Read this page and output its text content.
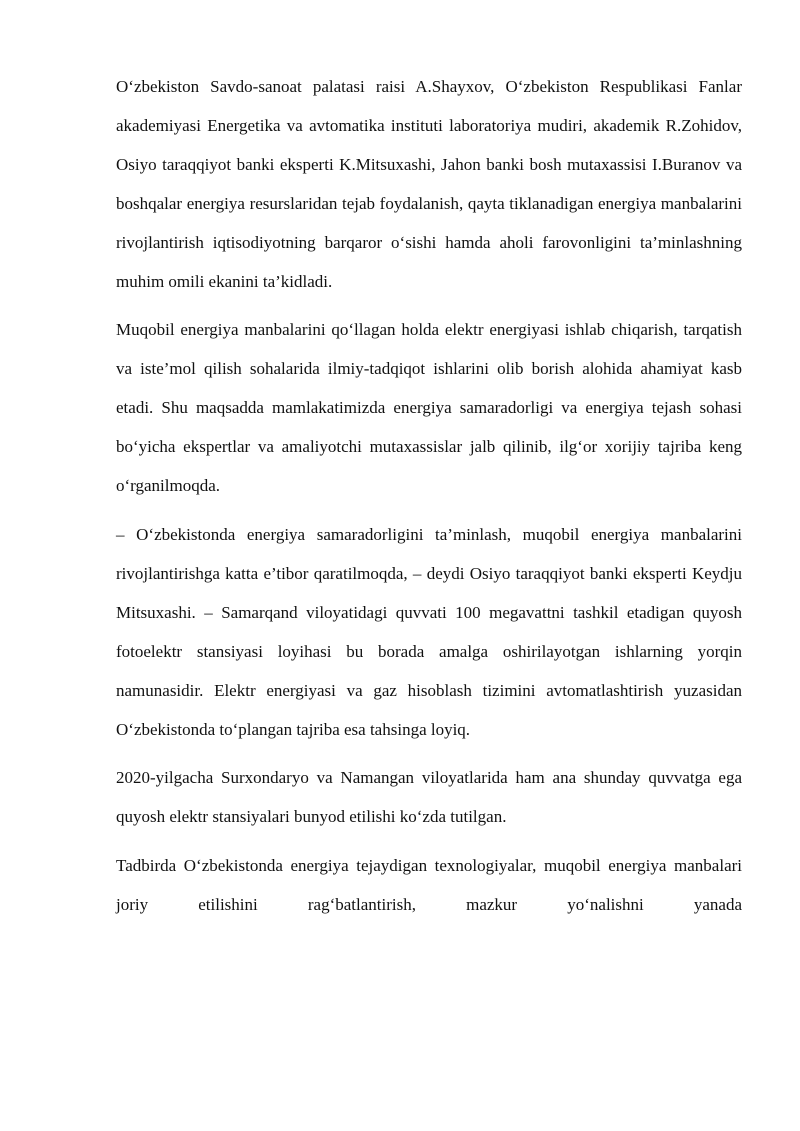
O‘zbekiston Savdo-sanoat palatasi raisi A.Shayxov, O‘zbekiston Respublikasi Fanlar akademiyasi Energetika va avtomatika instituti laboratoriya mudiri, akademik R.Zohidov, Osiyo taraqqiyot banki eksperti K.Mitsuxashi, Jahon banki bosh mutaxassisi I.Buranov va boshqalar energiya resurslaridan tejab foydalanish, qayta tiklanadigan energiya manbalarini rivojlantirish iqtisodiyotning barqaror o‘sishi hamda aholi farovonligini ta’minlashning muhim omili ekanini ta’kidladi.

Muqobil energiya manbalarini qo‘llagan holda elektr energiyasi ishlab chiqarish, tarqatish va iste’mol qilish sohalarida ilmiy-tadqiqot ishlarini olib borish alohida ahamiyat kasb etadi. Shu maqsadda mamlakatimizda energiya samaradorligi va energiya tejash sohasi bo‘yicha ekspertlar va amaliyotchi mutaxassislar jalb qilinib, ilg‘or xorijiy tajriba keng o‘rganilmoqda.

– O‘zbekistonda energiya samaradorligini ta’minlash, muqobil energiya manbalarini rivojlantirishga katta e’tibor qaratilmoqda, – deydi Osiyo taraqqiyot banki eksperti Keydju Mitsuxashi. – Samarqand viloyatidagi quvvati 100 megavattni tashkil etadigan quyosh fotoelektr stansiyasi loyihasi bu borada amalga oshirilayotgan ishlarning yorqin namunasidir. Elektr energiyasi va gaz hisoblash tizimini avtomatlashtirish yuzasidan O‘zbekistonda to‘plangan tajriba esa tahsinga loyiq.

2020-yilgacha Surxondaryo va Namangan viloyatlarida ham ana shunday quvvatga ega quyosh elektr stansiyalari bunyod etilishi ko‘zda tutilgan.

Tadbirda O‘zbekistonda energiya tejaydigan texnologiyalar, muqobil energiya manbalari joriy etilishini rag‘batlantirish, mazkur yo‘nalishni yanada
